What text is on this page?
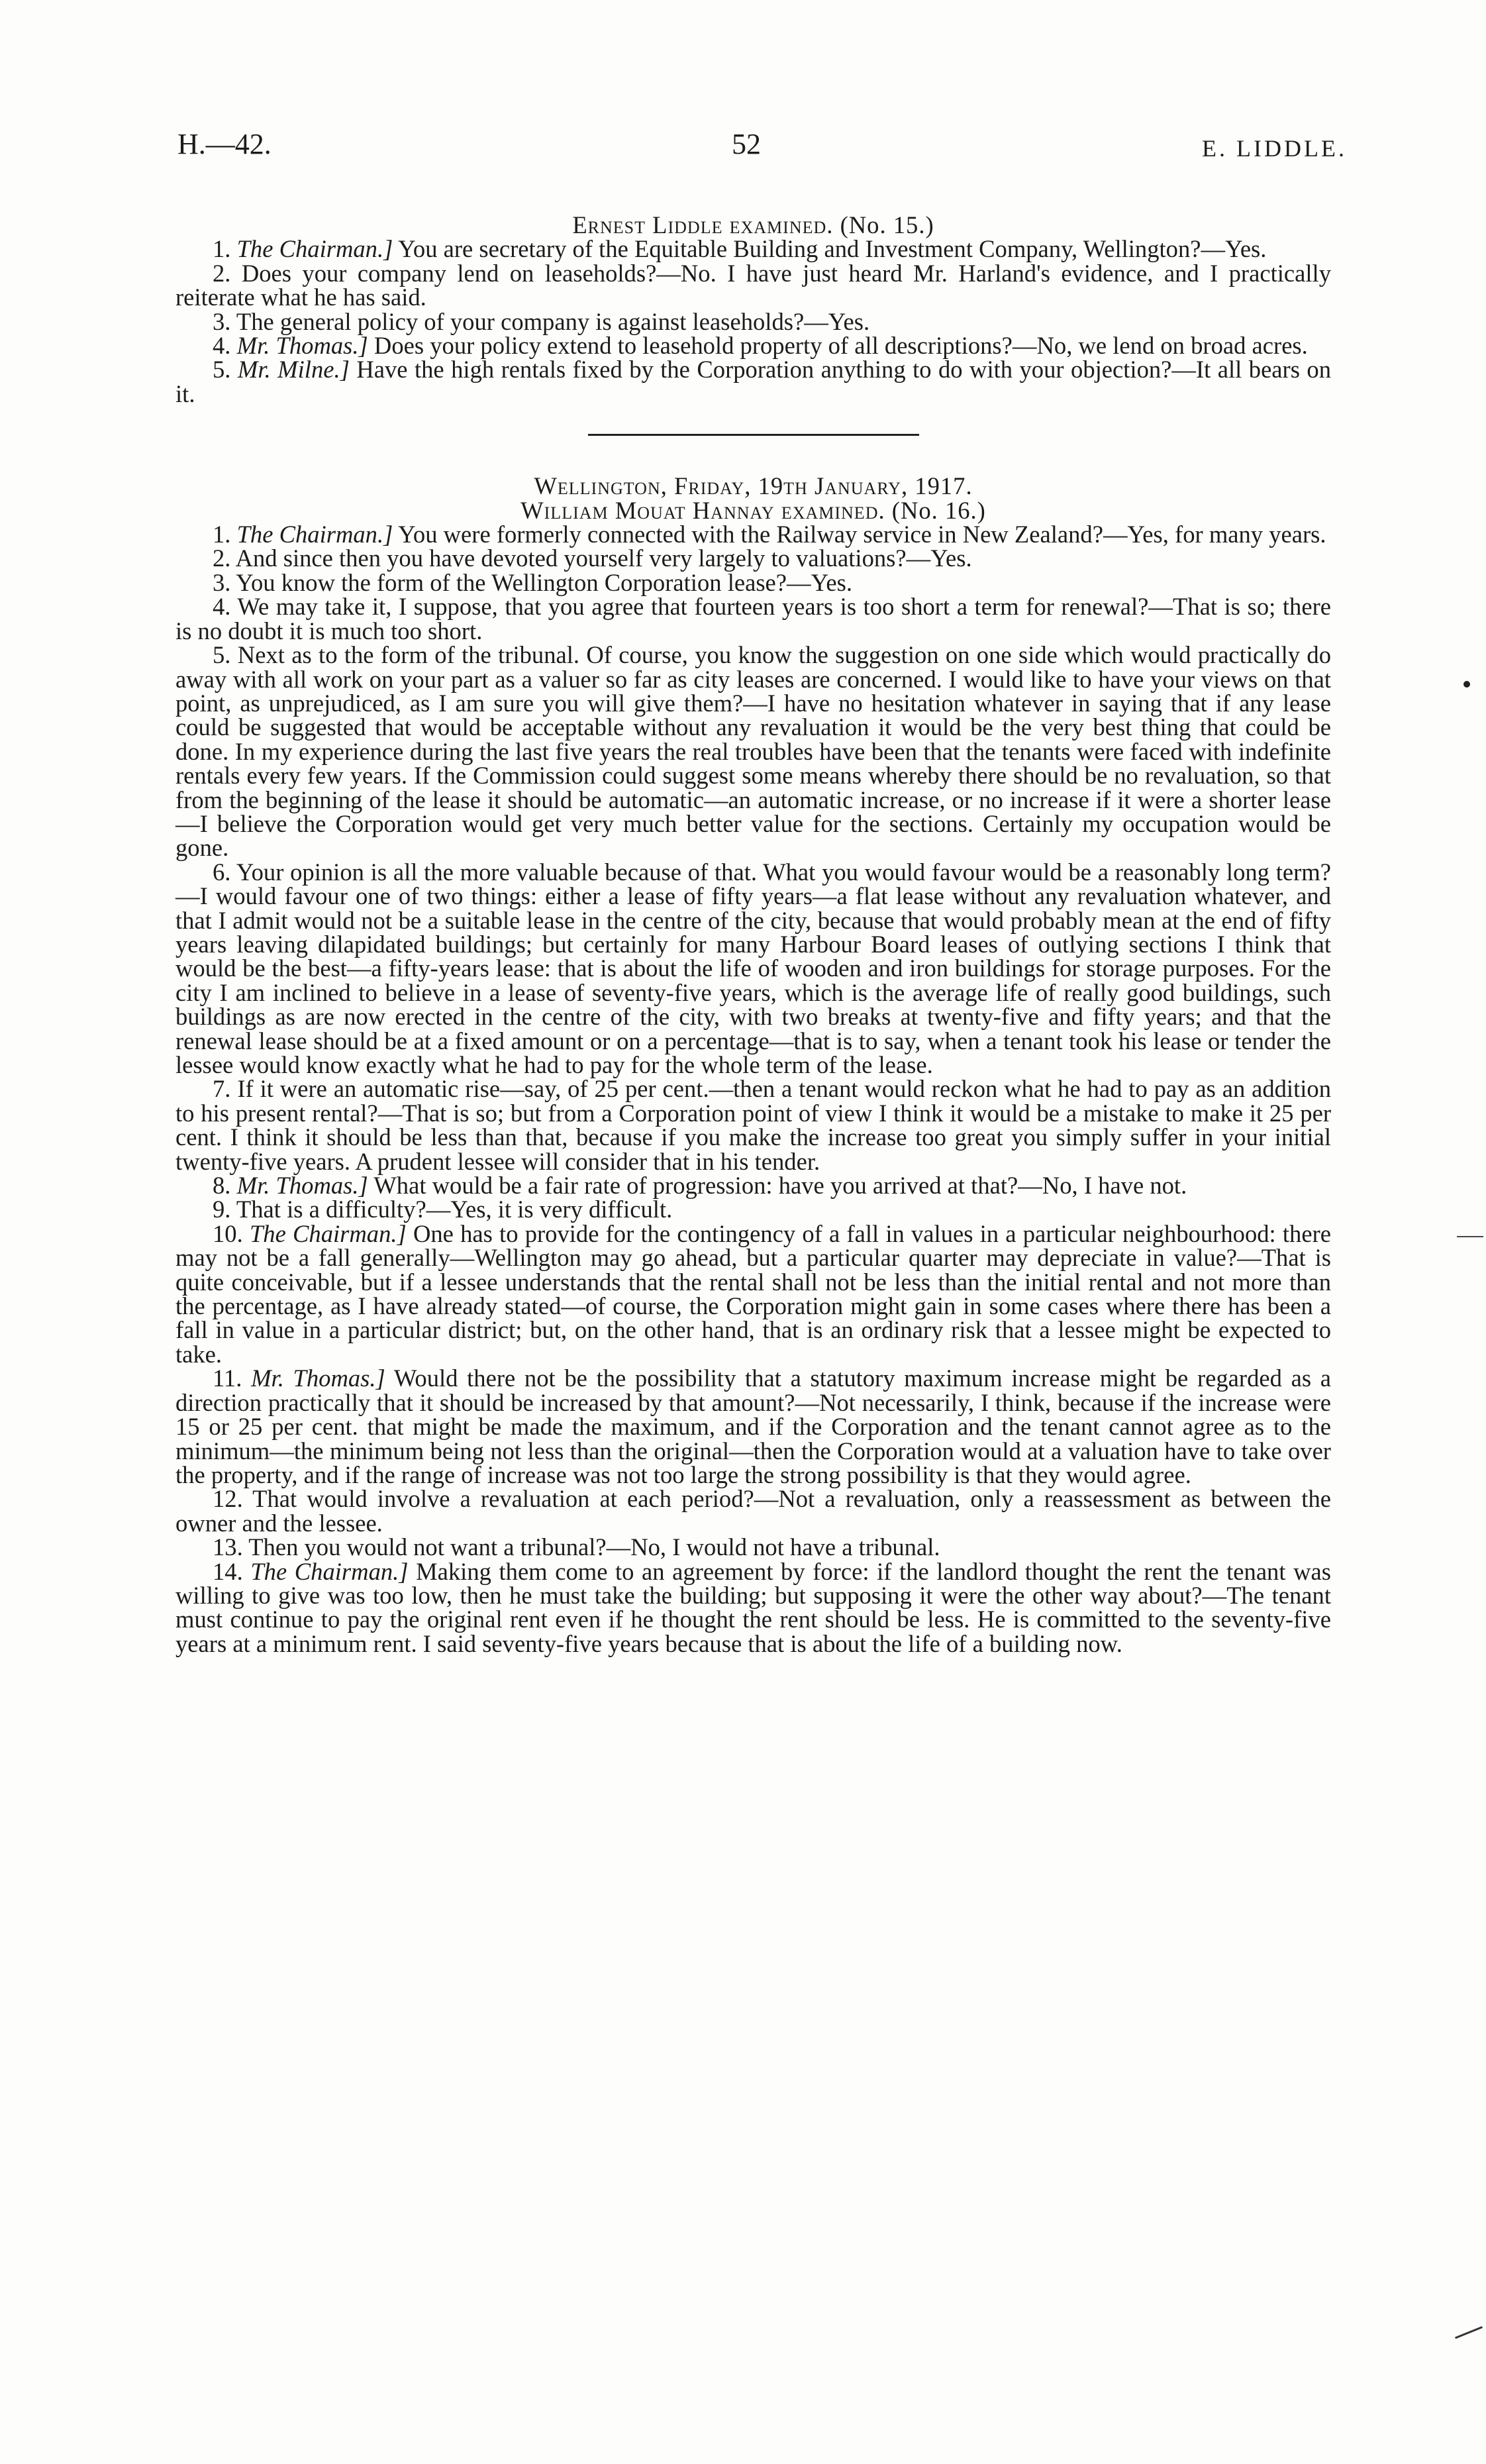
H.—42.	52	E. LIDDLE.

Ernest Liddle examined. (No. 15.)

1. The Chairman.] You are secretary of the Equitable Building and Investment Company, Wellington?—Yes.

2. Does your company lend on leaseholds?—No. I have just heard Mr. Harland's evidence, and I practically reiterate what he has said.

3. The general policy of your company is against leaseholds?—Yes.

4. Mr. Thomas.] Does your policy extend to leasehold property of all descriptions?—No, we lend on broad acres.

5. Mr. Milne.] Have the high rentals fixed by the Corporation anything to do with your objection?—It all bears on it.

Wellington, Friday, 19th January, 1917.

William Mouat Hannay examined. (No. 16.)

1. The Chairman.] You were formerly connected with the Railway service in New Zealand?—Yes, for many years.

2. And since then you have devoted yourself very largely to valuations?—Yes.

3. You know the form of the Wellington Corporation lease?—Yes.

4. We may take it, I suppose, that you agree that fourteen years is too short a term for renewal?—That is so; there is no doubt it is much too short.

5. Next as to the form of the tribunal. Of course, you know the suggestion on one side which would practically do away with all work on your part as a valuer so far as city leases are concerned. I would like to have your views on that point, as unprejudiced, as I am sure you will give them?—I have no hesitation whatever in saying that if any lease could be suggested that would be acceptable without any revaluation it would be the very best thing that could be done. In my experience during the last five years the real troubles have been that the tenants were faced with indefinite rentals every few years. If the Commission could suggest some means whereby there should be no revaluation, so that from the beginning of the lease it should be automatic—an automatic increase, or no increase if it were a shorter lease—I believe the Corporation would get very much better value for the sections. Certainly my occupation would be gone.

6. Your opinion is all the more valuable because of that. What you would favour would be a reasonably long term?—I would favour one of two things: either a lease of fifty years—a flat lease without any revaluation whatever, and that I admit would not be a suitable lease in the centre of the city, because that would probably mean at the end of fifty years leaving dilapidated buildings; but certainly for many Harbour Board leases of outlying sections I think that would be the best—a fifty-years lease: that is about the life of wooden and iron buildings for storage purposes. For the city I am inclined to believe in a lease of seventy-five years, which is the average life of really good buildings, such buildings as are now erected in the centre of the city, with two breaks at twenty-five and fifty years; and that the renewal lease should be at a fixed amount or on a percentage—that is to say, when a tenant took his lease or tender the lessee would know exactly what he had to pay for the whole term of the lease.

7. If it were an automatic rise—say, of 25 per cent.—then a tenant would reckon what he had to pay as an addition to his present rental?—That is so; but from a Corporation point of view I think it would be a mistake to make it 25 per cent. I think it should be less than that, because if you make the increase too great you simply suffer in your initial twenty-five years. A prudent lessee will consider that in his tender.

8. Mr. Thomas.] What would be a fair rate of progression: have you arrived at that?—No, I have not.

9. That is a difficulty?—Yes, it is very difficult.

10. The Chairman.] One has to provide for the contingency of a fall in values in a particular neighbourhood: there may not be a fall generally—Wellington may go ahead, but a particular quarter may depreciate in value?—That is quite conceivable, but if a lessee understands that the rental shall not be less than the initial rental and not more than the percentage, as I have already stated—of course, the Corporation might gain in some cases where there has been a fall in value in a particular district; but, on the other hand, that is an ordinary risk that a lessee might be expected to take.

11. Mr. Thomas.] Would there not be the possibility that a statutory maximum increase might be regarded as a direction practically that it should be increased by that amount?—Not necessarily, I think, because if the increase were 15 or 25 per cent. that might be made the maximum, and if the Corporation and the tenant cannot agree as to the minimum—the minimum being not less than the original—then the Corporation would at a valuation have to take over the property, and if the range of increase was not too large the strong possibility is that they would agree.

12. That would involve a revaluation at each period?—Not a revaluation, only a reassessment as between the owner and the lessee.

13. Then you would not want a tribunal?—No, I would not have a tribunal.

14. The Chairman.] Making them come to an agreement by force: if the landlord thought the rent the tenant was willing to give was too low, then he must take the building; but supposing it were the other way about?—The tenant must continue to pay the original rent even if he thought the rent should be less. He is committed to the seventy-five years at a minimum rent. I said seventy-five years because that is about the life of a building now.
